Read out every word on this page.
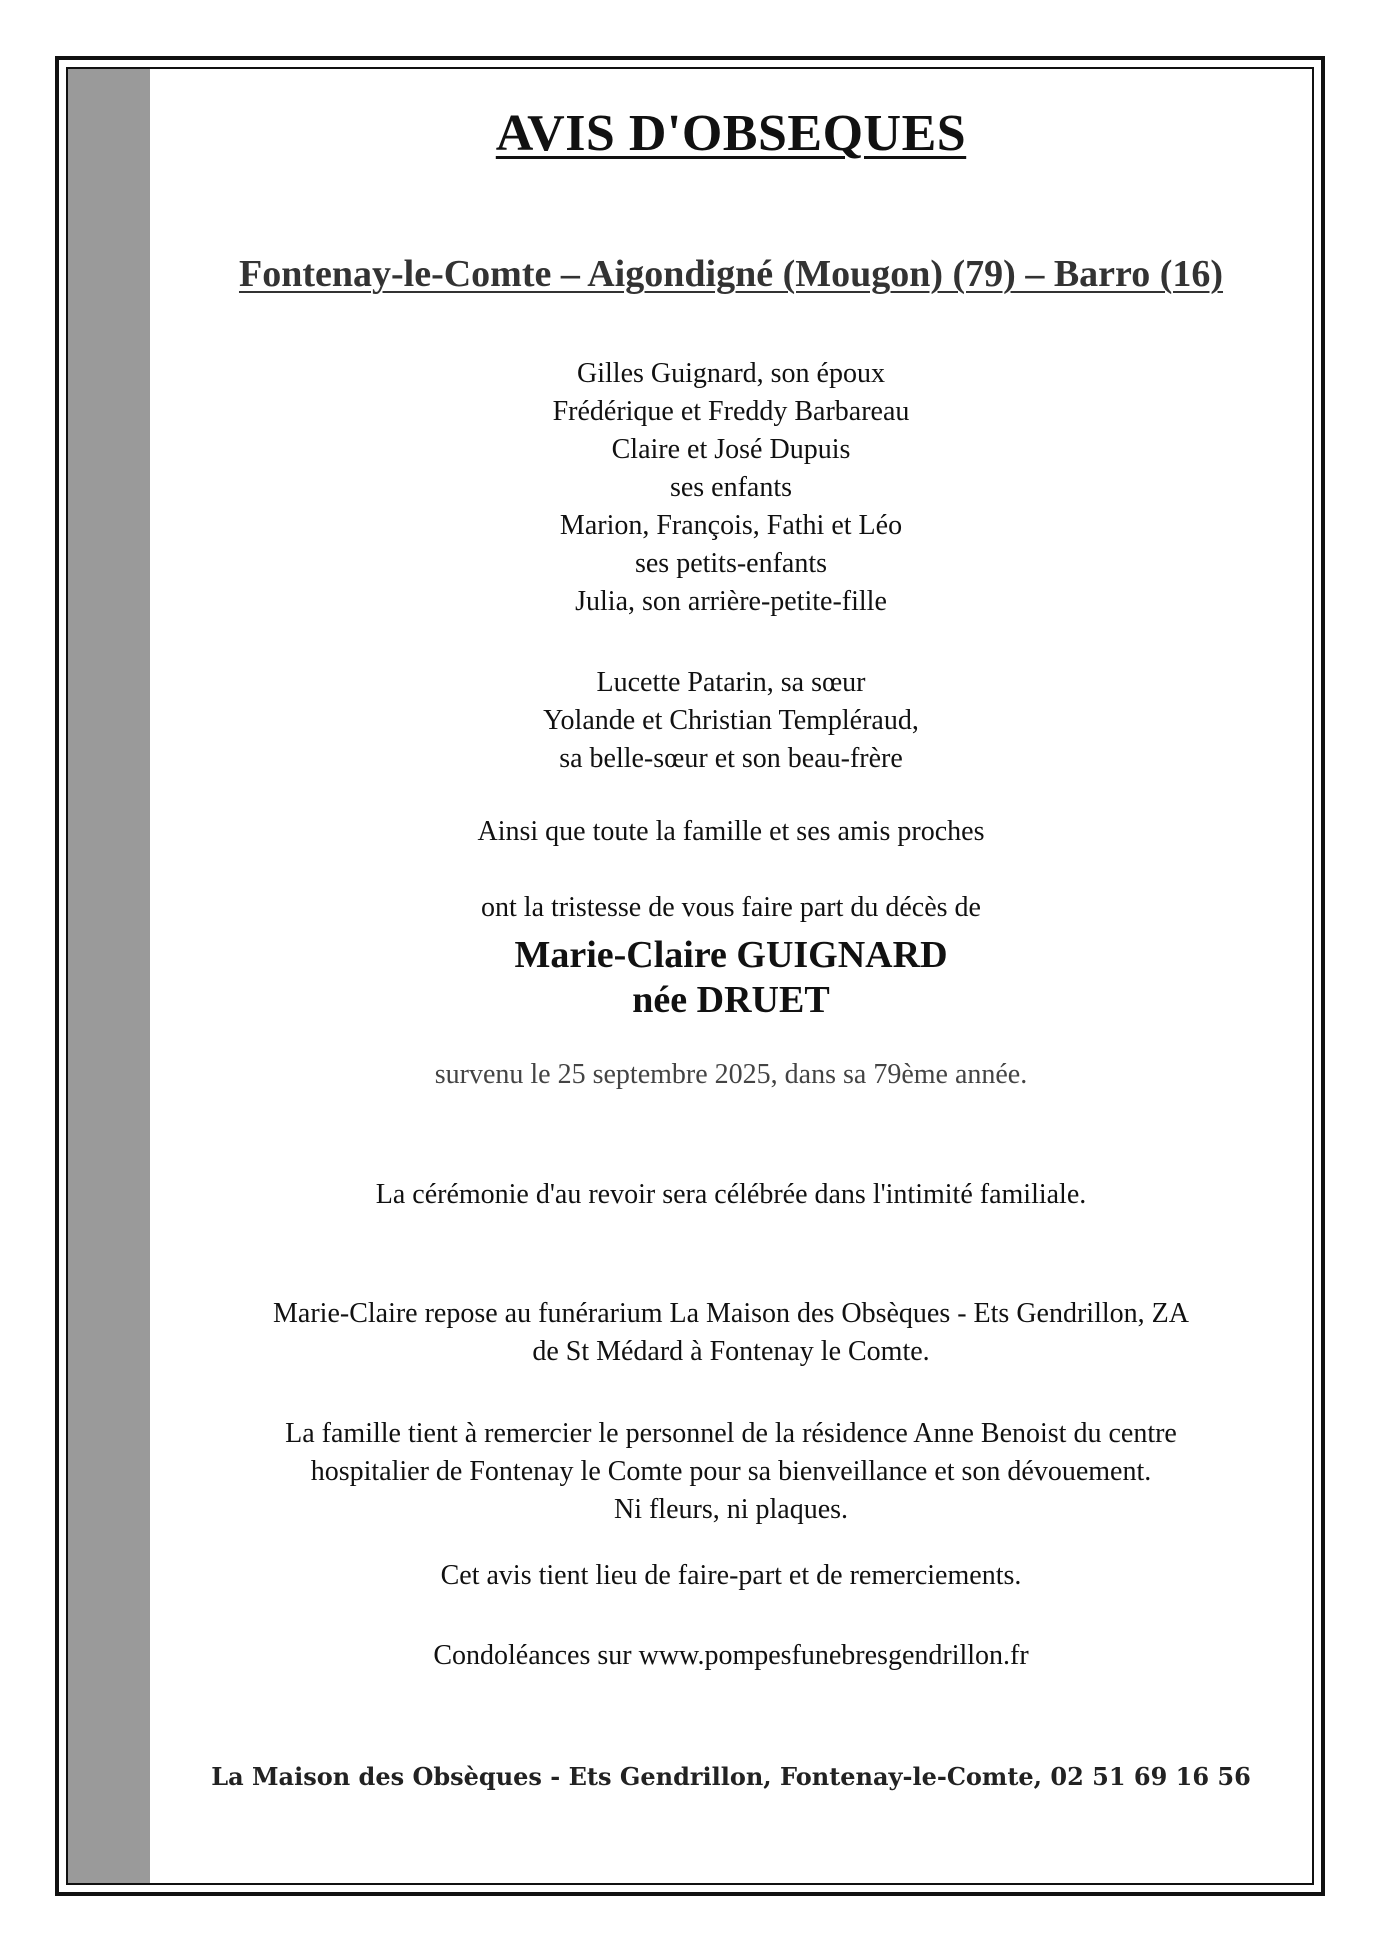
AVIS D'OBSEQUES
Fontenay-le-Comte – Aigondigné (Mougon) (79) – Barro (16)
Gilles Guignard, son époux
Frédérique et Freddy Barbareau
Claire et José Dupuis
ses enfants
Marion, François, Fathi et Léo
ses petits-enfants
Julia, son arrière-petite-fille
Lucette Patarin, sa sœur
Yolande et Christian Templéraud,
sa belle-sœur et son beau-frère
Ainsi que toute la famille et ses amis proches
ont la tristesse de vous faire part du décès de
Marie-Claire GUIGNARD
née DRUET
survenu le 25 septembre 2025, dans sa 79ème année.
La cérémonie d'au revoir sera célébrée dans l'intimité familiale.
Marie-Claire repose au funérarium La Maison des Obsèques - Ets Gendrillon, ZA
de St Médard à Fontenay le Comte.
La famille tient à remercier le personnel de la résidence Anne Benoist du centre
hospitalier de Fontenay le Comte pour sa bienveillance et son dévouement.
Ni fleurs, ni plaques.
Cet avis tient lieu de faire-part et de remerciements.
Condoléances sur www.pompesfunebresgendrillon.fr
La Maison des Obsèques - Ets Gendrillon, Fontenay-le-Comte, 02 51 69 16 56
